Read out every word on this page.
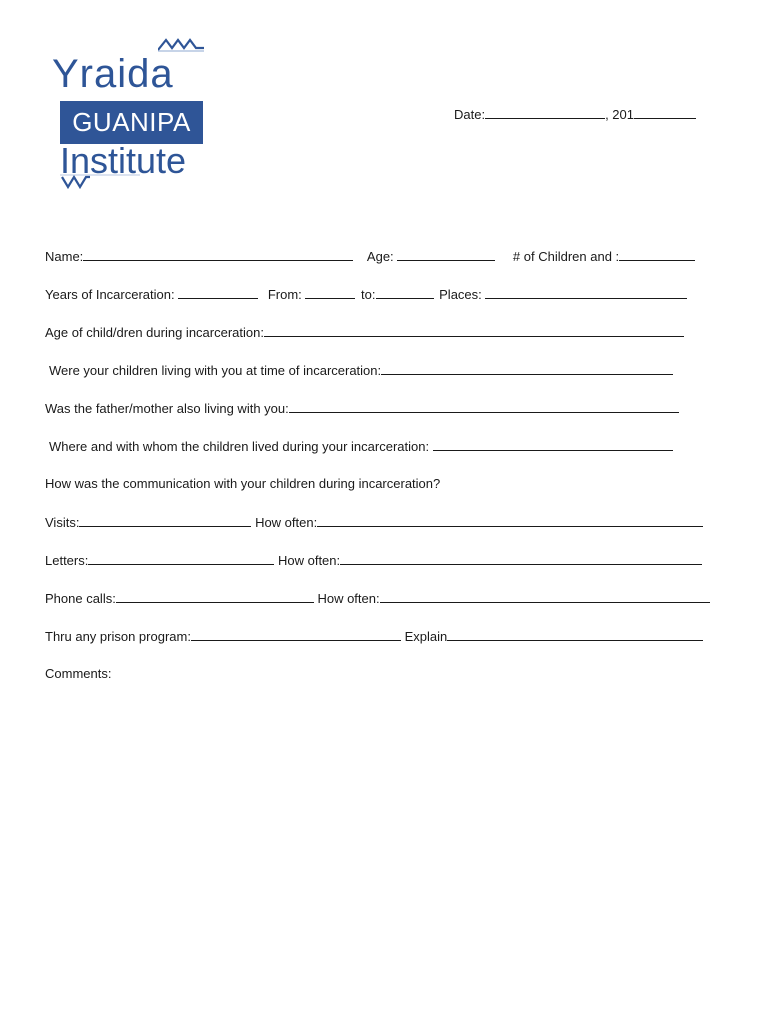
Yraida
GUANIPA
Institute
Date:	, 201
Name:	Age:	# of Children and :
Years of Incarceration:	From:	to:	Places:
Age of child/dren during incarceration:
Were your children living with you at time of incarceration:
Was the father/mother also living with you:
Where and with whom the children lived during your incarceration:
How was the communication with your children during incarceration?
Visits:	How often:
Letters:	How often:
Phone calls:	How often:
Thru any prison program:	Explain
Comments:
